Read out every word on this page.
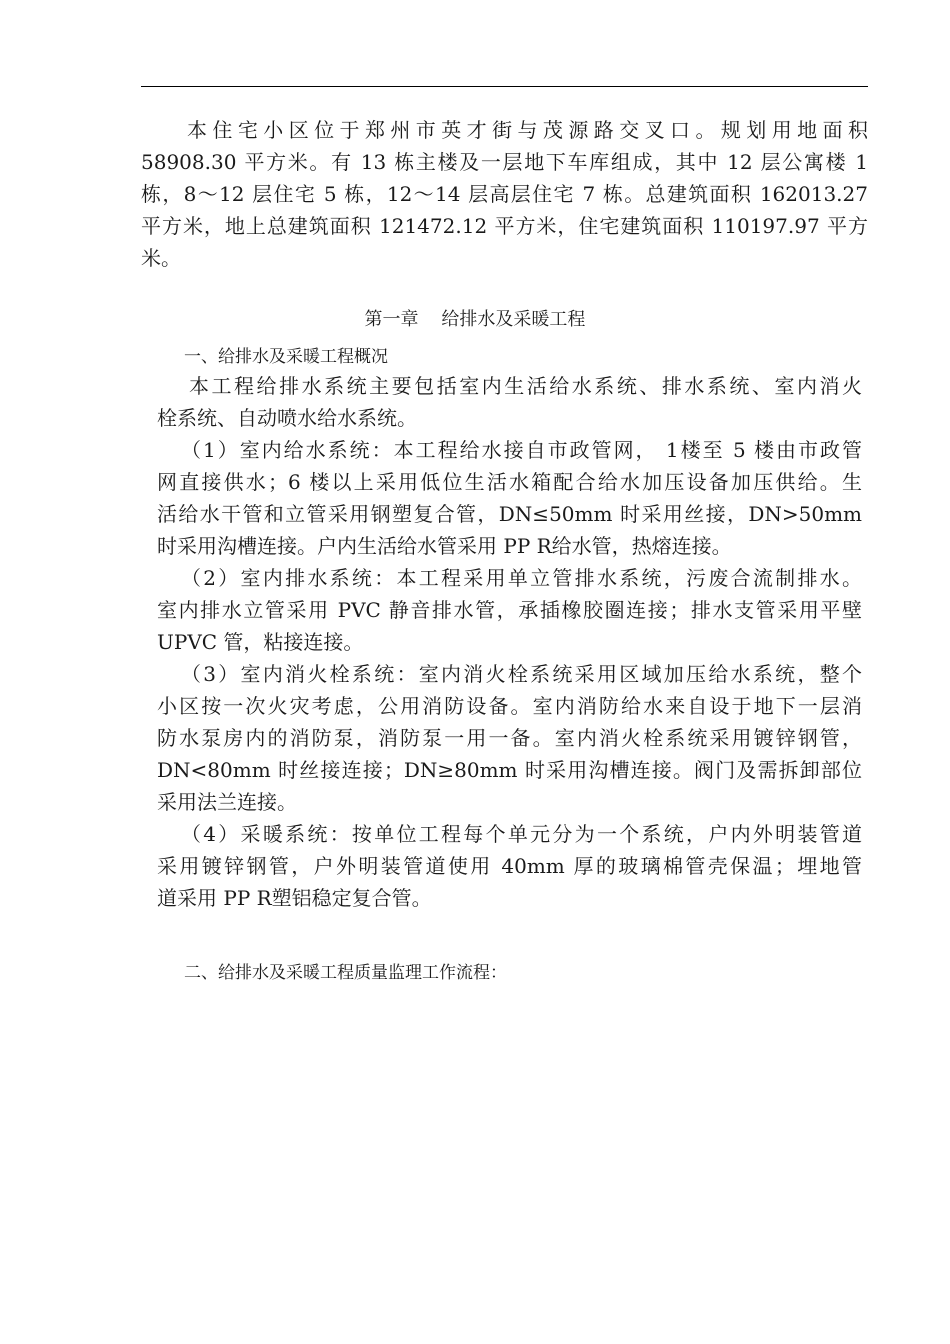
本住宅小区位于郑州市英才街与茂源路交叉口。规划用地面积
58908.30 平方米。有 13 栋主楼及一层地下车库组成，其中 12 层公寓楼 1
栋，8～12 层住宅 5 栋，12～14 层高层住宅 7 栋。总建筑面积 162013.27
平方米，地上总建筑面积 121472.12 平方米，住宅建筑面积 110197.97 平方
米。
第一章    给排水及采暖工程
一、给排水及采暖工程概况
本工程给排水系统主要包括室内生活给水系统、排水系统、室内消火
栓系统、自动喷水给水系统。
（1）室内给水系统：本工程给水接自市政管网， 1楼至 5 楼由市政管
网直接供水；6 楼以上采用低位生活水箱配合给水加压设备加压供给。生
活给水干管和立管采用钢塑复合管，DN≤50mm 时采用丝接，DN>50mm
时采用沟槽连接。户内生活给水管采用 PP R给水管，热熔连接。
（2）室内排水系统：本工程采用单立管排水系统，污废合流制排水。
室内排水立管采用 PVC 静音排水管，承插橡胶圈连接；排水支管采用平壁
UPVC 管，粘接连接。
（3）室内消火栓系统：室内消火栓系统采用区域加压给水系统，整个
小区按一次火灾考虑，公用消防设备。室内消防给水来自设于地下一层消
防水泵房内的消防泵，消防泵一用一备。室内消火栓系统采用镀锌钢管，
DN<80mm 时丝接连接；DN≥80mm 时采用沟槽连接。阀门及需拆卸部位
采用法兰连接。
（4）采暖系统：按单位工程每个单元分为一个系统，户内外明装管道
采用镀锌钢管，户外明装管道使用 40mm 厚的玻璃棉管壳保温；埋地管
道采用 PP R塑铝稳定复合管。
二、给排水及采暖工程质量监理工作流程：
